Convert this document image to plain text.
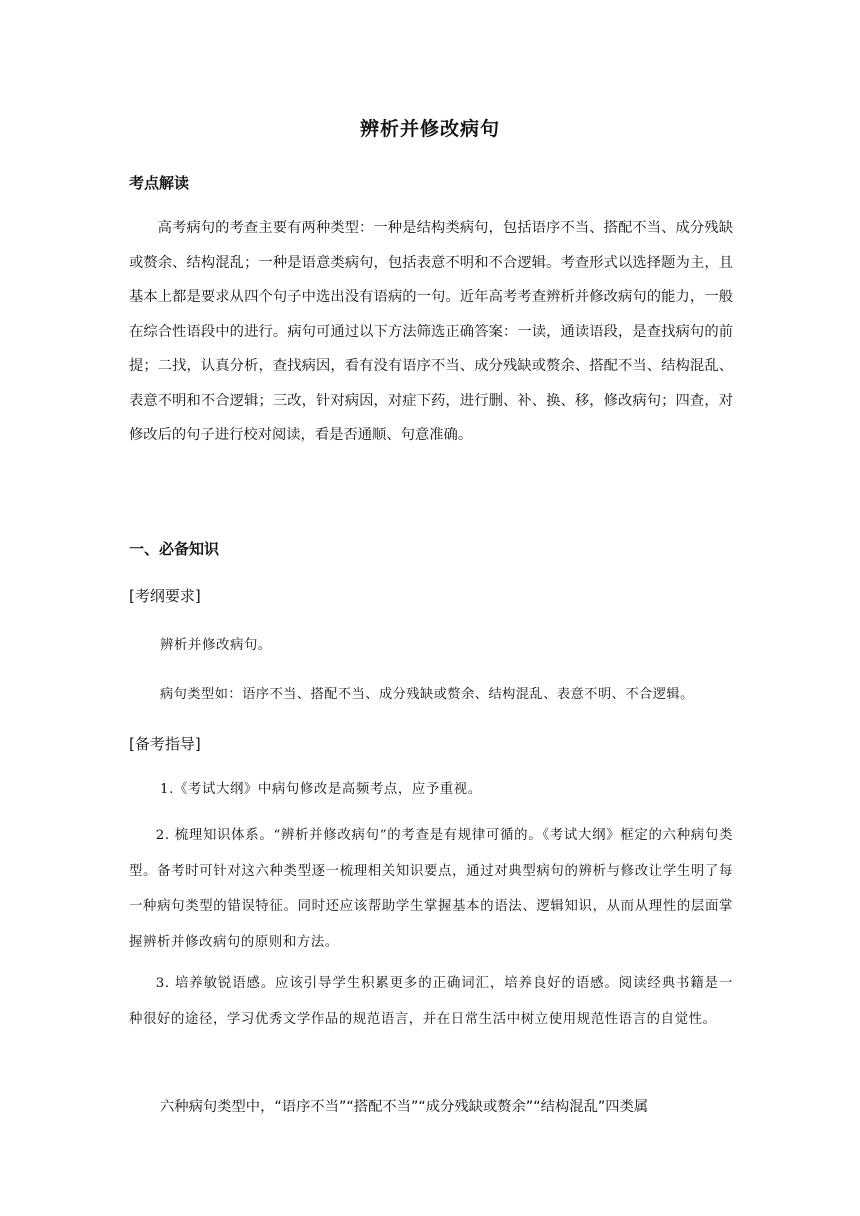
辨析并修改病句
考点解读

高考病句的考查主要有两种类型：一种是结构类病句，包括语序不当、搭配不当、成分残缺或赘余、结构混乱；一种是语意类病句，包括表意不明和不合逻辑。考查形式以选择题为主，且基本上都是要求从四个句子中选出没有语病的一句。近年高考考查辨析并修改病句的能力，一般在综合性语段中的进行。病句可通过以下方法筛选正确答案：一读，通读语段，是查找病句的前提；二找，认真分析，查找病因，看有没有语序不当、成分残缺或赘余、搭配不当、结构混乱、表意不明和不合逻辑；三改，针对病因，对症下药，进行删、补、换、移，修改病句；四查，对修改后的句子进行校对阅读，看是否通顺、句意准确。

一、必备知识
[考纲要求]
辨析并修改病句。
病句类型如：语序不当、搭配不当、成分残缺或赘余、结构混乱、表意不明、不合逻辑。
[备考指导]
1.《考试大纲》中病句修改是高频考点，应予重视。

2. 梳理知识体系。“辨析并修改病句”的考查是有规律可循的。《考试大纲》框定的六种病句类型。备考时可针对这六种类型逐一梳理相关知识要点，通过对典型病句的辨析与修改让学生明了每一种病句类型的错误特征。同时还应该帮助学生掌握基本的语法、逻辑知识，从而从理性的层面掌握辨析并修改病句的原则和方法。

3. 培养敏锐语感。应该引导学生积累更多的正确词汇，培养良好的语感。阅读经典书籍是一种很好的途径，学习优秀文学作品的规范语言，并在日常生活中树立使用规范性语言的自觉性。

六种病句类型中，“语序不当”“搭配不当”“成分残缺或赘余”“结构混乱”四类属
